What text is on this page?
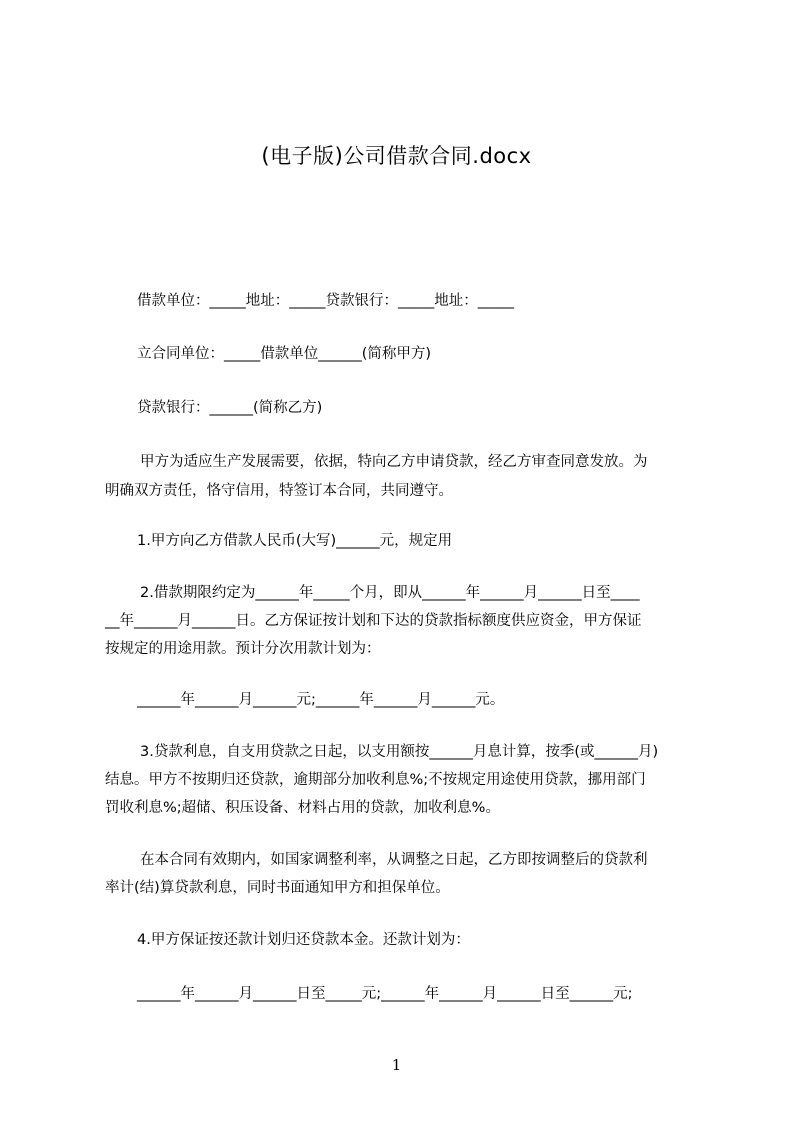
(电子版)公司借款合同.docx
借款单位：_____地址：_____贷款银行：_____地址：_____
立合同单位：_____借款单位______(简称甲方)
贷款银行：______(简称乙方)
甲方为适应生产发展需要，依据，特向乙方申请贷款，经乙方审查同意发放。为
明确双方责任，恪守信用，特签订本合同，共同遵守。
1.甲方向乙方借款人民币(大写)______元，规定用
2.借款期限约定为______年_____个月，即从______年______月______日至____
__年______月______日。乙方保证按计划和下达的贷款指标额度供应资金，甲方保证
按规定的用途用款。预计分次用款计划为：
______年______月______元;______年______月______元。
3.贷款利息，自支用贷款之日起，以支用额按______月息计算，按季(或______月)
结息。甲方不按期归还贷款，逾期部分加收利息%;不按规定用途使用贷款，挪用部门
罚收利息%;超储、积压设备、材料占用的贷款，加收利息%。
在本合同有效期内，如国家调整利率，从调整之日起，乙方即按调整后的贷款利
率计(结)算贷款利息，同时书面通知甲方和担保单位。
4.甲方保证按还款计划归还贷款本金。还款计划为：
______年______月______日至_____元;______年______月______日至______元;
1
